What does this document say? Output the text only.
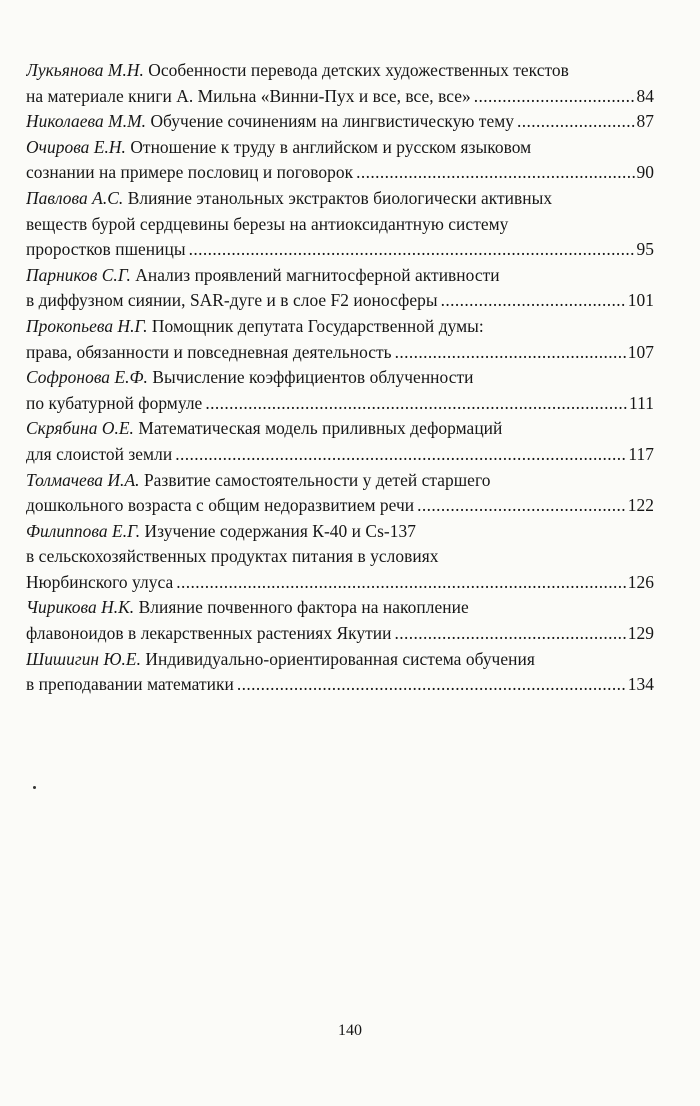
Лукьянова М.Н. Особенности перевода детских художественных текстов
на материале книги А. Мильна «Винни-Пух и все, все, все» .....	84
Николаева М.М. Обучение сочинениям на лингвистическую тему .....	87
Очирова Е.Н. Отношение к труду в английском и русском языковом
сознании на примере пословиц и поговорок .....	90
Павлова А.С. Влияние этанольных экстрактов биологически активных
веществ бурой сердцевины березы на антиоксидантную систему
проростков пшеницы .....	95
Парников С.Г. Анализ проявлений магнитосферной активности
в диффузном сиянии, SAR-дуге и в слое F2 ионосферы .....	101
Прокопьева Н.Г. Помощник депутата Государственной думы:
права, обязанности и повседневная деятельность .....	107
Софронова Е.Ф. Вычисление коэффициентов облученности
по кубатурной формуле .....	111
Скрябина О.Е. Математическая модель приливных деформаций
для слоистой земли .....	117
Толмачева И.А. Развитие самостоятельности у детей старшего
дошкольного возраста с общим недоразвитием речи .....	122
Филиппова Е.Г. Изучение содержания К-40 и Cs-137
в сельскохозяйственных продуктах питания в условиях
Нюрбинского улуса .....	126
Чирикова Н.К. Влияние почвенного фактора на накопление
флавоноидов в лекарственных растениях Якутии .....	129
Шишигин Ю.Е. Индивидуально-ориентированная система обучения
в преподавании математики .....	134
140
